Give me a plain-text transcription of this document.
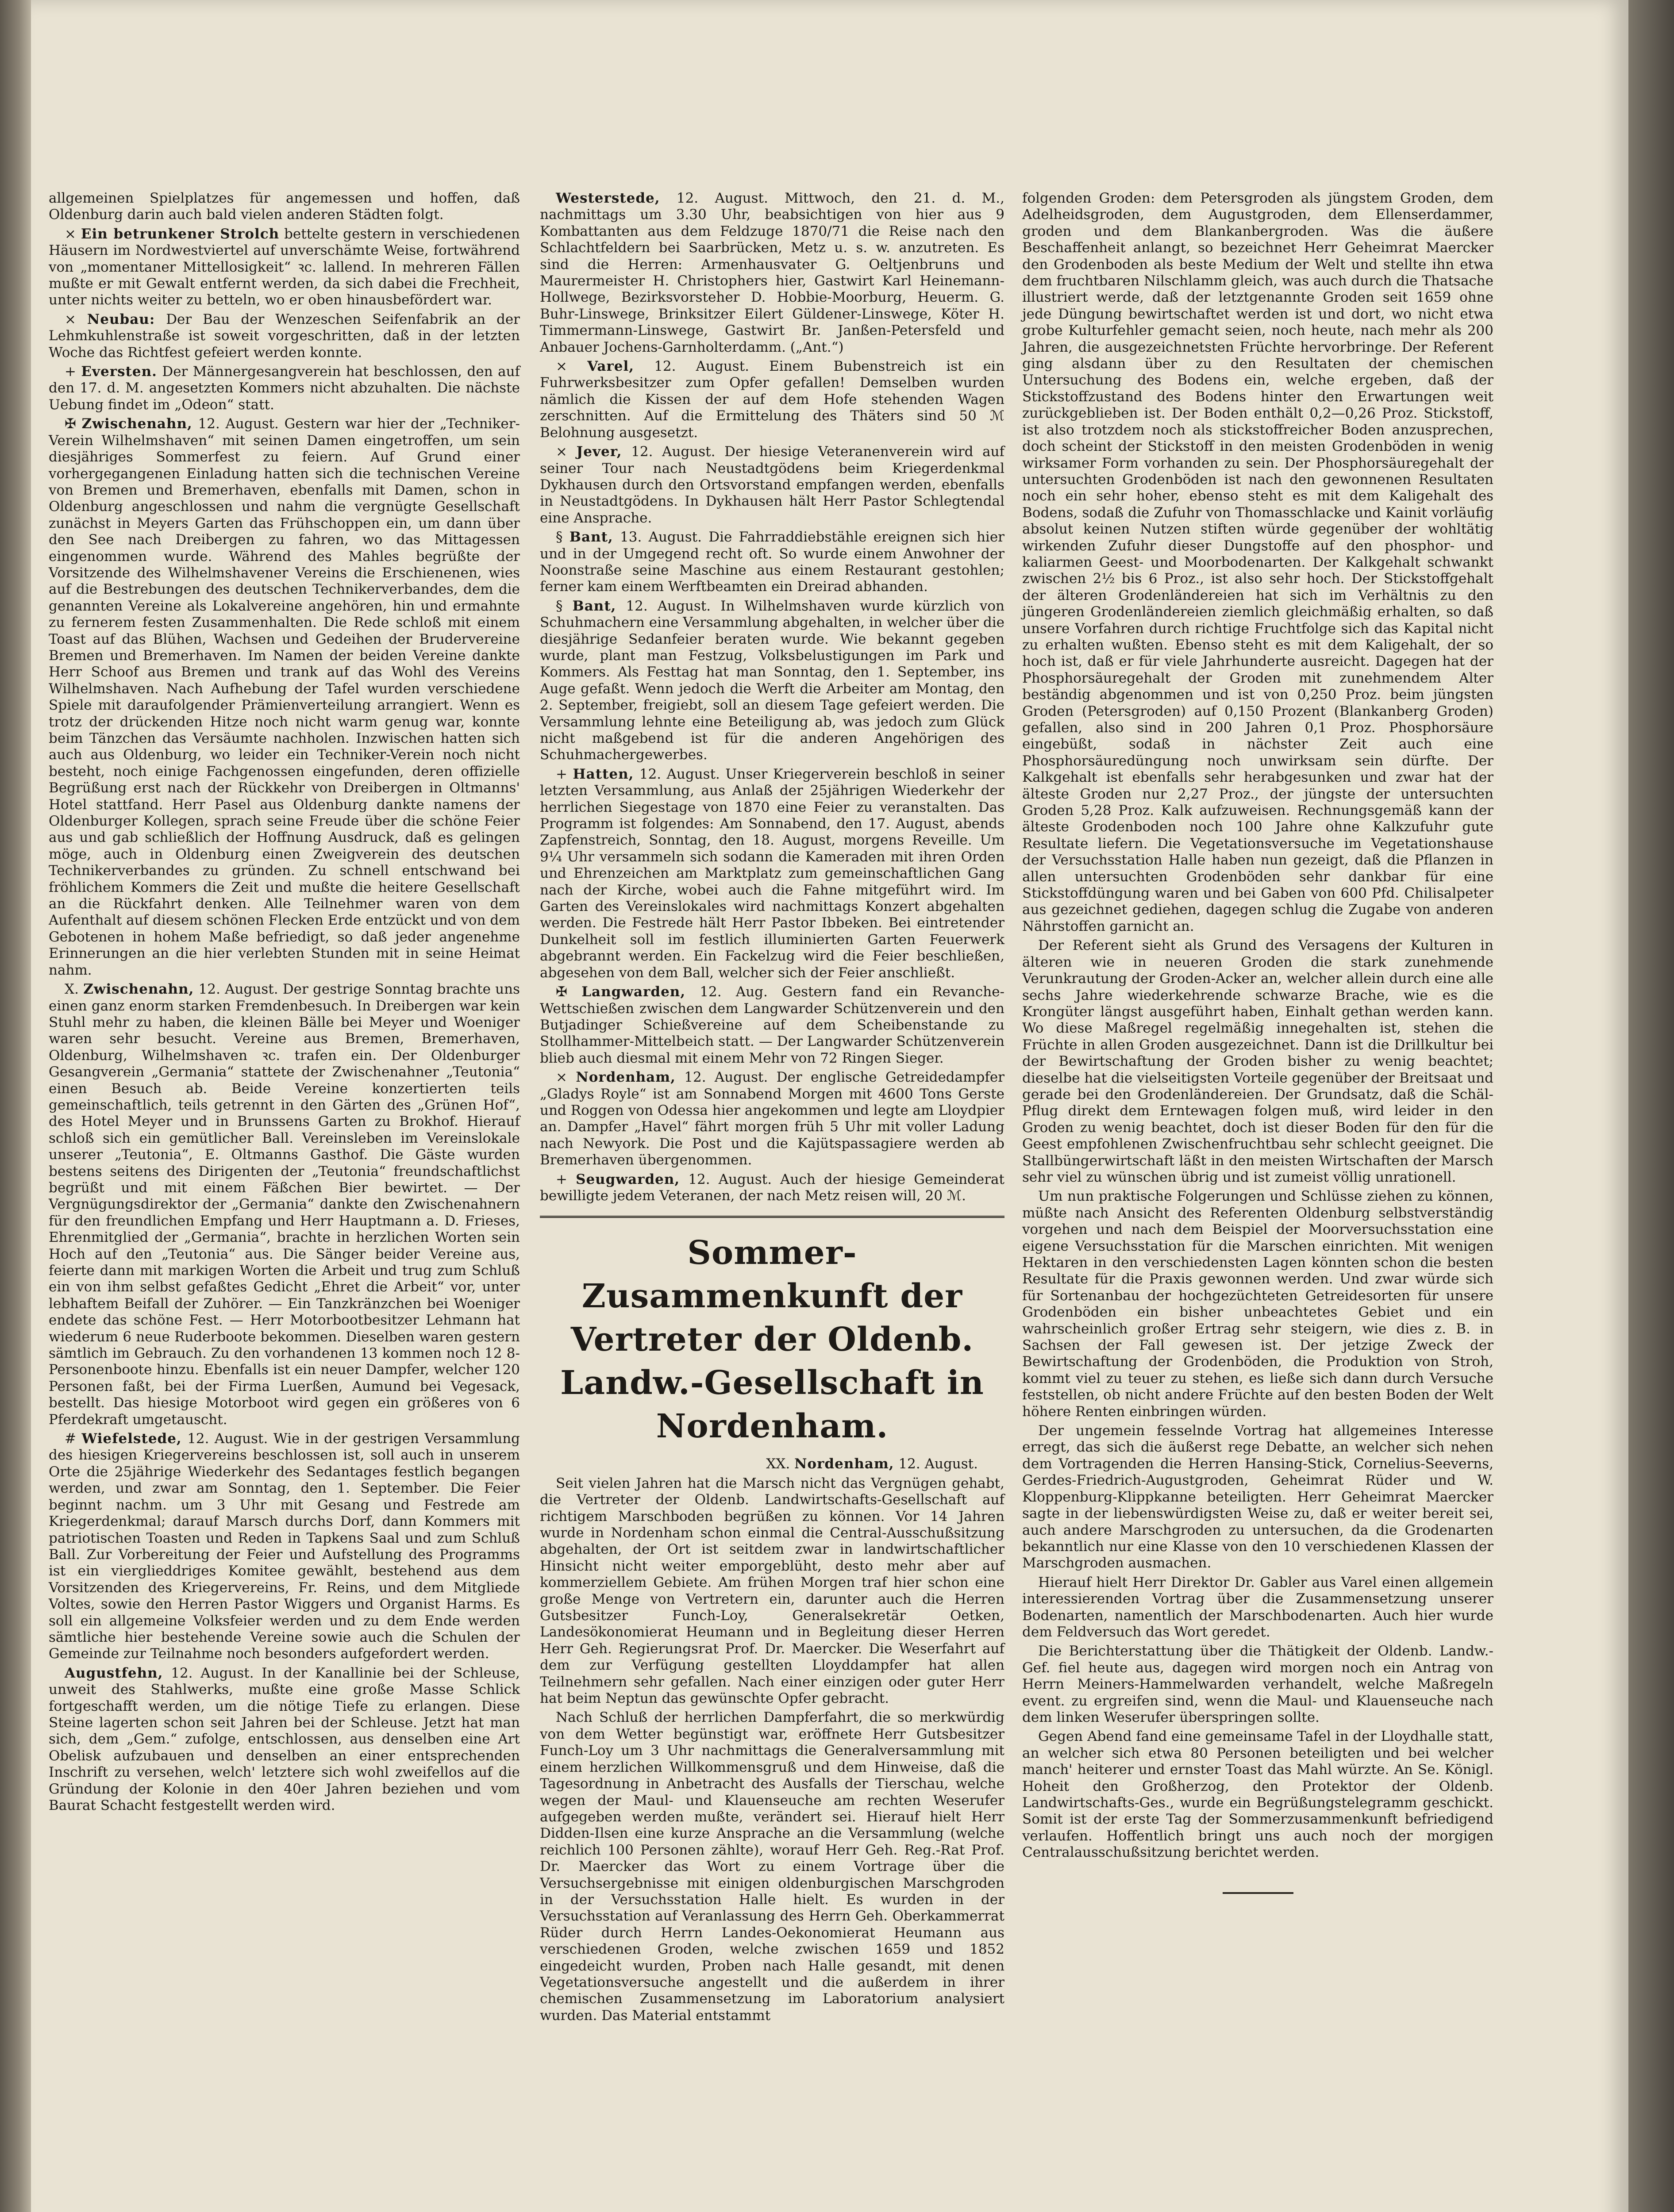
allgemeinen Spielplatzes für angemessen und hoffen, daß Oldenburg darin auch bald vielen anderen Städten folgt.

× Ein betrunkener Strolch bettelte gestern in verschiedenen Häusern im Nordwestviertel auf unverschämte Weise, fortwährend von „momentaner Mittellosigkeit“ ꝛc. lallend. In mehreren Fällen mußte er mit Gewalt entfernt werden, da sich dabei die Frechheit, unter nichts weiter zu betteln, wo er oben hinausbefördert war.

× Neubau: Der Bau der Wenzeschen Seifenfabrik an der Lehmkuhlenstraße ist soweit vorgeschritten, daß in der letzten Woche das Richtfest gefeiert werden konnte.

+ Eversten. Der Männergesangverein hat beschlossen, den auf den 17. d. M. angesetzten Kommers nicht abzuhalten. Die nächste Uebung findet im „Odeon“ statt.

✠ Zwischenahn, 12. August. Gestern war hier der „Techniker-Verein Wilhelmshaven“ mit seinen Damen eingetroffen, um sein diesjähriges Sommerfest zu feiern. Auf Grund einer vorhergegangenen Einladung hatten sich die technischen Vereine von Bremen und Bremerhaven, ebenfalls mit Damen, schon in Oldenburg angeschlossen und nahm die vergnügte Gesellschaft zunächst in Meyers Garten das Frühschoppen ein, um dann über den See nach Dreibergen zu fahren, wo das Mittagessen eingenommen wurde. Während des Mahles begrüßte der Vorsitzende des Wilhelmshavener Vereins die Erschienenen, wies auf die Bestrebungen des deutschen Technikerverbandes, dem die genannten Vereine als Lokalvereine angehören, hin und ermahnte zu fernerem festen Zusammenhalten. Die Rede schloß mit einem Toast auf das Blühen, Wachsen und Gedeihen der Brudervereine Bremen und Bremerhaven. Im Namen der beiden Vereine dankte Herr Schoof aus Bremen und trank auf das Wohl des Vereins Wilhelmshaven. Nach Aufhebung der Tafel wurden verschiedene Spiele mit daraufolgender Prämienverteilung arrangiert. Wenn es trotz der drückenden Hitze noch nicht warm genug war, konnte beim Tänzchen das Versäumte nachholen. Inzwischen hatten sich auch aus Oldenburg, wo leider ein Techniker-Verein noch nicht besteht, noch einige Fachgenossen eingefunden, deren offizielle Begrüßung erst nach der Rückkehr von Dreibergen in Oltmanns' Hotel stattfand. Herr Pasel aus Oldenburg dankte namens der Oldenburger Kollegen, sprach seine Freude über die schöne Feier aus und gab schließlich der Hoffnung Ausdruck, daß es gelingen möge, auch in Oldenburg einen Zweigverein des deutschen Technikerverbandes zu gründen. Zu schnell entschwand bei fröhlichem Kommers die Zeit und mußte die heitere Gesellschaft an die Rückfahrt denken. Alle Teilnehmer waren von dem Aufenthalt auf diesem schönen Flecken Erde entzückt und von dem Gebotenen in hohem Maße befriedigt, so daß jeder angenehme Erinnerungen an die hier verlebten Stunden mit in seine Heimat nahm.

X. Zwischenahn, 12. August. Der gestrige Sonntag brachte uns einen ganz enorm starken Fremdenbesuch. In Dreibergen war kein Stuhl mehr zu haben, die kleinen Bälle bei Meyer und Woeniger waren sehr besucht. Vereine aus Bremen, Bremerhaven, Oldenburg, Wilhelmshaven ꝛc. trafen ein. Der Oldenburger Gesangverein „Germania“ stattete der Zwischenahner „Teutonia“ einen Besuch ab. Beide Vereine konzertierten teils gemeinschaftlich, teils getrennt in den Gärten des „Grünen Hof“, des Hotel Meyer und in Brunssens Garten zu Brokhof. Hierauf schloß sich ein gemütlicher Ball. Vereinsleben im Vereinslokale unserer „Teutonia“, E. Oltmanns Gasthof. Die Gäste wurden bestens seitens des Dirigenten der „Teutonia“ freundschaftlichst begrüßt und mit einem Fäßchen Bier bewirtet. — Der Vergnügungsdirektor der „Germania“ dankte den Zwischenahnern für den freundlichen Empfang und Herr Hauptmann a. D. Frieses, Ehrenmitglied der „Germania“, brachte in herzlichen Worten sein Hoch auf den „Teutonia“ aus. Die Sänger beider Vereine aus, feierte dann mit markigen Worten die Arbeit und trug zum Schluß ein von ihm selbst gefaßtes Gedicht „Ehret die Arbeit“ vor, unter lebhaftem Beifall der Zuhörer. — Ein Tanzkränzchen bei Woeniger endete das schöne Fest. — Herr Motorbootbesitzer Lehmann hat wiederum 6 neue Ruderboote bekommen. Dieselben waren gestern sämtlich im Gebrauch. Zu den vorhandenen 13 kommen noch 12 8-Personenboote hinzu. Ebenfalls ist ein neuer Dampfer, welcher 120 Personen faßt, bei der Firma Luerßen, Aumund bei Vegesack, bestellt. Das hiesige Motorboot wird gegen ein größeres von 6 Pferdekraft umgetauscht.

# Wiefelstede, 12. August. Wie in der gestrigen Versammlung des hiesigen Kriegervereins beschlossen ist, soll auch in unserem Orte die 25jährige Wiederkehr des Sedantages festlich begangen werden, und zwar am Sonntag, den 1. September. Die Feier beginnt nachm. um 3 Uhr mit Gesang und Festrede am Kriegerdenkmal; darauf Marsch durchs Dorf, dann Kommers mit patriotischen Toasten und Reden in Tapkens Saal und zum Schluß Ball. Zur Vorbereitung der Feier und Aufstellung des Programms ist ein vierglieddriges Komitee gewählt, bestehend aus dem Vorsitzenden des Kriegervereins, Fr. Reins, und dem Mitgliede Voltes, sowie den Herren Pastor Wiggers und Organist Harms. Es soll ein allgemeine Volksfeier werden und zu dem Ende werden sämtliche hier bestehende Vereine sowie auch die Schulen der Gemeinde zur Teilnahme noch besonders aufgefordert werden.

Augustfehn, 12. August. In der Kanallinie bei der Schleuse, unweit des Stahlwerks, mußte eine große Masse Schlick fortgeschafft werden, um die nötige Tiefe zu erlangen. Diese Steine lagerten schon seit Jahren bei der Schleuse. Jetzt hat man sich, dem „Gem.“ zufolge, entschlossen, aus denselben eine Art Obelisk aufzubauen und denselben an einer entsprechenden Inschrift zu versehen, welch' letztere sich wohl zweifellos auf die Gründung der Kolonie in den 40er Jahren beziehen und vom Baurat Schacht festgestellt werden wird.

Westerstede, 12. August. Mittwoch, den 21. d. M., nachmittags um 3.30 Uhr, beabsichtigen von hier aus 9 Kombattanten aus dem Feldzuge 1870/71 die Reise nach den Schlachtfeldern bei Saarbrücken, Metz u. s. w. anzutreten. Es sind die Herren: Armenhausvater G. Oeltjenbruns und Maurermeister H. Christophers hier, Gastwirt Karl Heinemann-Hollwege, Bezirksvorsteher D. Hobbie-Moorburg, Heuerm. G. Buhr-Linswege, Brinksitzer Eilert Güldener-Linswege, Köter H. Timmermann-Linswege, Gastwirt Br. Janßen-Petersfeld und Anbauer Jochens-Garnholterdamm. („Ant.“)

× Varel, 12. August. Einem Bubenstreich ist ein Fuhrwerksbesitzer zum Opfer gefallen! Demselben wurden nämlich die Kissen der auf dem Hofe stehenden Wagen zerschnitten. Auf die Ermittelung des Thäters sind 50 ℳ Belohnung ausgesetzt.

× Jever, 12. August. Der hiesige Veteranenverein wird auf seiner Tour nach Neustadtgödens beim Kriegerdenkmal Dykhausen durch den Ortsvorstand empfangen werden, ebenfalls in Neustadtgödens. In Dykhausen hält Herr Pastor Schlegtendal eine Ansprache.

§ Bant, 13. August. Die Fahrraddiebstähle ereignen sich hier und in der Umgegend recht oft. So wurde einem Anwohner der Noonstraße seine Maschine aus einem Restaurant gestohlen; ferner kam einem Werftbeamten ein Dreirad abhanden.

§ Bant, 12. August. In Wilhelmshaven wurde kürzlich von Schuhmachern eine Versammlung abgehalten, in welcher über die diesjährige Sedanfeier beraten wurde. Wie bekannt gegeben wurde, plant man Festzug, Volksbelustigungen im Park und Kommers. Als Festtag hat man Sonntag, den 1. September, ins Auge gefaßt. Wenn jedoch die Werft die Arbeiter am Montag, den 2. September, freigiebt, soll an diesem Tage gefeiert werden. Die Versammlung lehnte eine Beteiligung ab, was jedoch zum Glück nicht maßgebend ist für die anderen Angehörigen des Schuhmachergewerbes.

+ Hatten, 12. August. Unser Kriegerverein beschloß in seiner letzten Versammlung, aus Anlaß der 25jährigen Wiederkehr der herrlichen Siegestage von 1870 eine Feier zu veranstalten. Das Programm ist folgendes: Am Sonnabend, den 17. August, abends Zapfenstreich, Sonntag, den 18. August, morgens Reveille. Um 9¼ Uhr versammeln sich sodann die Kameraden mit ihren Orden und Ehrenzeichen am Marktplatz zum gemeinschaftlichen Gang nach der Kirche, wobei auch die Fahne mitgeführt wird. Im Garten des Vereinslokales wird nachmittags Konzert abgehalten werden. Die Festrede hält Herr Pastor Ibbeken. Bei eintretender Dunkelheit soll im festlich illuminierten Garten Feuerwerk abgebrannt werden. Ein Fackelzug wird die Feier beschließen, abgesehen von dem Ball, welcher sich der Feier anschließt.

✠ Langwarden, 12. Aug. Gestern fand ein Revanche-Wettschießen zwischen dem Langwarder Schützenverein und den Butjadinger Schießvereine auf dem Scheibenstande zu Stollhammer-Mittelbeich statt. — Der Langwarder Schützenverein blieb auch diesmal mit einem Mehr von 72 Ringen Sieger.

× Nordenham, 12. August. Der englische Getreidedampfer „Gladys Royle“ ist am Sonnabend Morgen mit 4600 Tons Gerste und Roggen von Odessa hier angekommen und legte am Lloydpier an. Dampfer „Havel“ fährt morgen früh 5 Uhr mit voller Ladung nach Newyork. Die Post und die Kajütspassagiere werden ab Bremerhaven übergenommen.

+ Seugwarden, 12. August. Auch der hiesige Gemeinderat bewilligte jedem Veteranen, der nach Metz reisen will, 20 ℳ.

Sommer-Zusammenkunft der Vertreter der Oldenb. Landw.-Gesellschaft in Nordenham.

XX. Nordenham, 12. August.

Seit vielen Jahren hat die Marsch nicht das Vergnügen gehabt, die Vertreter der Oldenb. Landwirtschafts-Gesellschaft auf richtigem Marschboden begrüßen zu können. Vor 14 Jahren wurde in Nordenham schon einmal die Central-Ausschußsitzung abgehalten, der Ort ist seitdem zwar in landwirtschaftlicher Hinsicht nicht weiter emporgeblüht, desto mehr aber auf kommerziellem Gebiete. Am frühen Morgen traf hier schon eine große Menge von Vertretern ein, darunter auch die Herren Gutsbesitzer Funch-Loy, Generalsekretär Oetken, Landesökonomierat Heumann und in Begleitung dieser Herren Herr Geh. Regierungsrat Prof. Dr. Maercker. Die Weserfahrt auf dem zur Verfügung gestellten Lloyddampfer hat allen Teilnehmern sehr gefallen. Nach einer einzigen oder guter Herr hat beim Neptun das gewünschte Opfer gebracht.

Nach Schluß der herrlichen Dampferfahrt, die so merkwürdig von dem Wetter begünstigt war, eröffnete Herr Gutsbesitzer Funch-Loy um 3 Uhr nachmittags die Generalversammlung mit einem herzlichen Willkommensgruß und dem Hinweise, daß die Tagesordnung in Anbetracht des Ausfalls der Tierschau, welche wegen der Maul- und Klauenseuche am rechten Weserufer aufgegeben werden mußte, verändert sei. Hierauf hielt Herr Didden-Ilsen eine kurze Ansprache an die Versammlung (welche reichlich 100 Personen zählte), worauf Herr Geh. Reg.-Rat Prof. Dr. Maercker das Wort zu einem Vortrage über die Versuchsergebnisse mit einigen oldenburgischen Marschgroden in der Versuchsstation Halle hielt. Es wurden in der Versuchsstation auf Veranlassung des Herrn Geh. Oberkammerrat Rüder durch Herrn Landes-Oekonomierat Heumann aus verschiedenen Groden, welche zwischen 1659 und 1852 eingedeicht wurden, Proben nach Halle gesandt, mit denen Vegetationsversuche angestellt und die außerdem in ihrer chemischen Zusammensetzung im Laboratorium analysiert wurden. Das Material entstammt

folgenden Groden: dem Petersgroden als jüngstem Groden, dem Adelheidsgroden, dem Augustgroden, dem Ellenserdammer, groden und dem Blankanbergroden. Was die äußere Beschaffenheit anlangt, so bezeichnet Herr Geheimrat Maercker den Grodenboden als beste Medium der Welt und stellte ihn etwa dem fruchtbaren Nilschlamm gleich, was auch durch die Thatsache illustriert werde, daß der letztgenannte Groden seit 1659 ohne jede Düngung bewirtschaftet werden ist und dort, wo nicht etwa grobe Kulturfehler gemacht seien, noch heute, nach mehr als 200 Jahren, die ausgezeichnetsten Früchte hervorbringe. Der Referent ging alsdann über zu den Resultaten der chemischen Untersuchung des Bodens ein, welche ergeben, daß der Stickstoffzustand des Bodens hinter den Erwartungen weit zurückgeblieben ist. Der Boden enthält 0,2—0,26 Proz. Stickstoff, ist also trotzdem noch als stickstoffreicher Boden anzusprechen, doch scheint der Stickstoff in den meisten Grodenböden in wenig wirksamer Form vorhanden zu sein. Der Phosphorsäuregehalt der untersuchten Grodenböden ist nach den gewonnenen Resultaten noch ein sehr hoher, ebenso steht es mit dem Kaligehalt des Bodens, sodaß die Zufuhr von Thomasschlacke und Kainit vorläufig absolut keinen Nutzen stiften würde gegenüber der wohltätig wirkenden Zufuhr dieser Dungstoffe auf den phosphor- und kaliarmen Geest- und Moorbodenarten. Der Kalkgehalt schwankt zwischen 2½ bis 6 Proz., ist also sehr hoch. Der Stickstoffgehalt der älteren Grodenländereien hat sich im Verhältnis zu den jüngeren Grodenländereien ziemlich gleichmäßig erhalten, so daß unsere Vorfahren durch richtige Fruchtfolge sich das Kapital nicht zu erhalten wußten. Ebenso steht es mit dem Kaligehalt, der so hoch ist, daß er für viele Jahrhunderte ausreicht. Dagegen hat der Phosphorsäuregehalt der Groden mit zunehmendem Alter beständig abgenommen und ist von 0,250 Proz. beim jüngsten Groden (Petersgroden) auf 0,150 Prozent (Blankanberg Groden) gefallen, also sind in 200 Jahren 0,1 Proz. Phosphorsäure eingebüßt, sodaß in nächster Zeit auch eine Phosphorsäuredüngung noch unwirksam sein dürfte. Der Kalkgehalt ist ebenfalls sehr herabgesunken und zwar hat der älteste Groden nur 2,27 Proz., der jüngste der untersuchten Groden 5,28 Proz. Kalk aufzuweisen. Rechnungsgemäß kann der älteste Grodenboden noch 100 Jahre ohne Kalkzufuhr gute Resultate liefern. Die Vegetationsversuche im Vegetationshause der Versuchsstation Halle haben nun gezeigt, daß die Pflanzen in allen untersuchten Grodenböden sehr dankbar für eine Stickstoffdüngung waren und bei Gaben von 600 Pfd. Chilisalpeter aus gezeichnet gediehen, dagegen schlug die Zugabe von anderen Nährstoffen garnicht an.

Der Referent sieht als Grund des Versagens der Kulturen in älteren wie in neueren Groden die stark zunehmende Verunkrautung der Groden-Acker an, welcher allein durch eine alle sechs Jahre wiederkehrende schwarze Brache, wie es die Krongüter längst ausgeführt haben, Einhalt gethan werden kann. Wo diese Maßregel regelmäßig innegehalten ist, stehen die Früchte in allen Groden ausgezeichnet. Dann ist die Drillkultur bei der Bewirtschaftung der Groden bisher zu wenig beachtet; dieselbe hat die vielseitigsten Vorteile gegenüber der Breitsaat und gerade bei den Grodenländereien. Der Grundsatz, daß die Schäl-Pflug direkt dem Erntewagen folgen muß, wird leider in den Groden zu wenig beachtet, doch ist dieser Boden für den für die Geest empfohlenen Zwischenfruchtbau sehr schlecht geeignet. Die Stallbüngerwirtschaft läßt in den meisten Wirtschaften der Marsch sehr viel zu wünschen übrig und ist zumeist völlig unrationell.

Um nun praktische Folgerungen und Schlüsse ziehen zu können, müßte nach Ansicht des Referenten Oldenburg selbstverständig vorgehen und nach dem Beispiel der Moorversuchsstation eine eigene Versuchsstation für die Marschen einrichten. Mit wenigen Hektaren in den verschiedensten Lagen könnten schon die besten Resultate für die Praxis gewonnen werden. Und zwar würde sich für Sortenanbau der hochgezüchteten Getreidesorten für unsere Grodenböden ein bisher unbeachtetes Gebiet und ein wahrscheinlich großer Ertrag sehr steigern, wie dies z. B. in Sachsen der Fall gewesen ist. Der jetzige Zweck der Bewirtschaftung der Grodenböden, die Produktion von Stroh, kommt viel zu teuer zu stehen, es ließe sich dann durch Versuche feststellen, ob nicht andere Früchte auf den besten Boden der Welt höhere Renten einbringen würden.

Der ungemein fesselnde Vortrag hat allgemeines Interesse erregt, das sich die äußerst rege Debatte, an welcher sich nehen dem Vortragenden die Herren Hansing-Stick, Cornelius-Seeverns, Gerdes-Friedrich-Augustgroden, Geheimrat Rüder und W. Kloppenburg-Klippkanne beteiligten. Herr Geheimrat Maercker sagte in der liebenswürdigsten Weise zu, daß er weiter bereit sei, auch andere Marschgroden zu untersuchen, da die Grodenarten bekanntlich nur eine Klasse von den 10 verschiedenen Klassen der Marschgroden ausmachen.

Hierauf hielt Herr Direktor Dr. Gabler aus Varel einen allgemein interessierenden Vortrag über die Zusammensetzung unserer Bodenarten, namentlich der Marschbodenarten. Auch hier wurde dem Feldversuch das Wort geredet.

Die Berichterstattung über die Thätigkeit der Oldenb. Landw.-Gef. fiel heute aus, dagegen wird morgen noch ein Antrag von Herrn Meiners-Hammelwarden verhandelt, welche Maßregeln event. zu ergreifen sind, wenn die Maul- und Klauenseuche nach dem linken Weserufer überspringen sollte.

Gegen Abend fand eine gemeinsame Tafel in der Lloydhalle statt, an welcher sich etwa 80 Personen beteiligten und bei welcher manch' heiterer und ernster Toast das Mahl würzte. An Se. Königl. Hoheit den Großherzog, den Protektor der Oldenb. Landwirtschafts-Ges., wurde ein Begrüßungstelegramm geschickt. Somit ist der erste Tag der Sommerzusammenkunft befriedigend verlaufen. Hoffentlich bringt uns auch noch der morgigen Centralausschußsitzung berichtet werden.
